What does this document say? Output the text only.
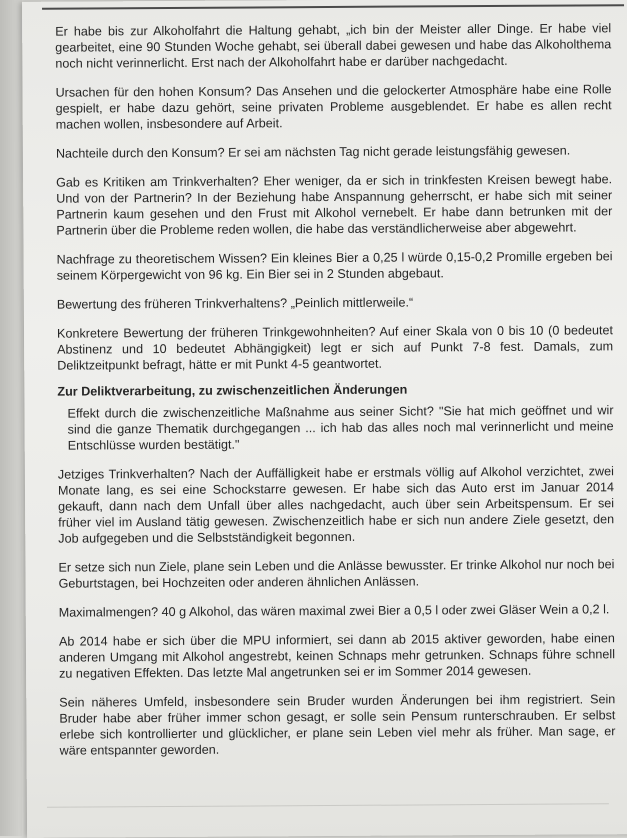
Er habe bis zur Alkoholfahrt die Haltung gehabt, „ich bin der Meister aller Dinge. Er habe viel gearbeitet, eine 90 Stunden Woche gehabt, sei überall dabei gewesen und habe das Alkoholthema noch nicht verinnerlicht. Erst nach der Alkoholfahrt habe er darüber nachgedacht.

Ursachen für den hohen Konsum? Das Ansehen und die gelockerter Atmosphäre habe eine Rolle gespielt, er habe dazu gehört, seine privaten Probleme ausgeblendet. Er habe es allen recht machen wollen, insbesondere auf Arbeit.

Nachteile durch den Konsum? Er sei am nächsten Tag nicht gerade leistungsfähig gewesen.

Gab es Kritiken am Trinkverhalten? Eher weniger, da er sich in trinkfesten Kreisen bewegt habe. Und von der Partnerin? In der Beziehung habe Anspannung geherrscht, er habe sich mit seiner Partnerin kaum gesehen und den Frust mit Alkohol vernebelt. Er habe dann betrunken mit der Partnerin über die Probleme reden wollen, die habe das verständlicherweise aber abgewehrt.

Nachfrage zu theoretischem Wissen? Ein kleines Bier a 0,25 l würde 0,15-0,2 Promille ergeben bei seinem Körpergewicht von 96 kg. Ein Bier sei in 2 Stunden abgebaut.

Bewertung des früheren Trinkverhaltens? „Peinlich mittlerweile.“

Konkretere Bewertung der früheren Trinkgewohnheiten? Auf einer Skala von 0 bis 10 (0 bedeutet Abstinenz und 10 bedeutet Abhängigkeit) legt er sich auf Punkt 7-8 fest. Damals, zum Deliktzeitpunkt befragt, hätte er mit Punkt 4-5 geantwortet.

Zur Deliktverarbeitung, zu zwischenzeitlichen Änderungen

Effekt durch die zwischenzeitliche Maßnahme aus seiner Sicht? "Sie hat mich geöffnet und wir sind die ganze Thematik durchgegangen ... ich hab das alles noch mal verinnerlicht und meine Entschlüsse wurden bestätigt."

Jetziges Trinkverhalten? Nach der Auffälligkeit habe er erstmals völlig auf Alkohol verzichtet, zwei Monate lang, es sei eine Schockstarre gewesen. Er habe sich das Auto erst im Januar 2014 gekauft, dann nach dem Unfall über alles nachgedacht, auch über sein Arbeitspensum. Er sei früher viel im Ausland tätig gewesen. Zwischenzeitlich habe er sich nun andere Ziele gesetzt, den Job aufgegeben und die Selbstständigkeit begonnen.

Er setze sich nun Ziele, plane sein Leben und die Anlässe bewusster. Er trinke Alkohol nur noch bei Geburtstagen, bei Hochzeiten oder anderen ähnlichen Anlässen.

Maximalmengen? 40 g Alkohol, das wären maximal zwei Bier a 0,5 l oder zwei Gläser Wein a 0,2 l.

Ab 2014 habe er sich über die MPU informiert, sei dann ab 2015 aktiver geworden, habe einen anderen Umgang mit Alkohol angestrebt, keinen Schnaps mehr getrunken. Schnaps führe schnell zu negativen Effekten. Das letzte Mal angetrunken sei er im Sommer 2014 gewesen.

Sein näheres Umfeld, insbesondere sein Bruder wurden Änderungen bei ihm registriert. Sein Bruder habe aber früher immer schon gesagt, er solle sein Pensum runterschrauben. Er selbst erlebe sich kontrollierter und glücklicher, er plane sein Leben viel mehr als früher. Man sage, er wäre entspannter geworden.
